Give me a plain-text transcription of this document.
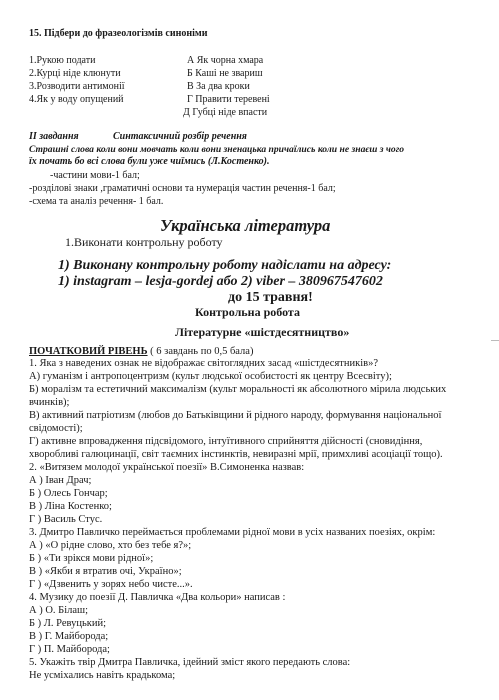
15. Підбери до фразеологізмів синоніми
1.Рукою подати
2.Курці ніде клюнути
3.Розводити антимонії
4.Як у воду опущений
А Як чорна хмара
Б Каші не звариш
В За два кроки
Г Правити теревені
Д Губці ніде впасти
ІІ завдання	Синтаксичний розбір речення
Страшні слова коли вони мовчать коли вони зненацька причаїлись коли не знаєш з чого
їх почать бо всі слова були уже чиїмись (Л.Костенко).
-частини мови-1 бал;
-розділові знаки ,граматичні основи та нумерація частин речення-1 бал;
-схема та аналіз речення- 1 бал.
Українська література
1.Виконати контрольну роботу
1) Виконану контрольну роботу надіслати на адресу:
1) instagram – lesja-gordej або 2) viber – 380967547602
до 15 травня!
Контрольна робота
Літературне «шістдесятництво»
ПОЧАТКОВИЙ РІВЕНЬ ( 6 завдань по 0,5 бала)
1. Яка з наведених ознак не відображає світоглядних засад «шістдесятників»?
А) гуманізм і антропоцентризм (культ людської особистості як центру Всесвіту);
Б) моралізм та естетичний максималізм (культ моральності як абсолютного мірила людських
вчинків);
В) активний патріотизм (любов до Батьківщини й рідного народу, формування національної
свідомості);
Г) активне впровадження підсвідомого, інтуїтивного сприйняття дійсності (сновидіння,
хворобливі галюцинації, світ таємних інстинктів, невиразні мрії, примхливі асоціації тощо).
2. «Витязем молодої української поезії» В.Симоненка назвав:
А ) Іван Драч;
Б ) Олесь Гончар;
В ) Ліна Костенко;
Г ) Василь Стус.
3. Дмитро Павличко переймається проблемами рідної мови в усіх названих поезіях, окрім:
А ) «О рідне слово, хто без тебе я?»;
Б ) «Ти зрікся мови рідної»;
В ) «Якби я втратив очі, Україно»;
Г ) «Дзвенить у зорях небо чисте...».
4. Музику до поезії Д. Павличка «Два кольори» написав :
А ) О. Білаш;
Б ) Л. Ревуцький;
В ) Г. Майборода;
Г ) П. Майборода;
5. Укажіть твір Дмитра Павличка, ідейний зміст якого передають слова:
Не усміхались навіть крадькома;
